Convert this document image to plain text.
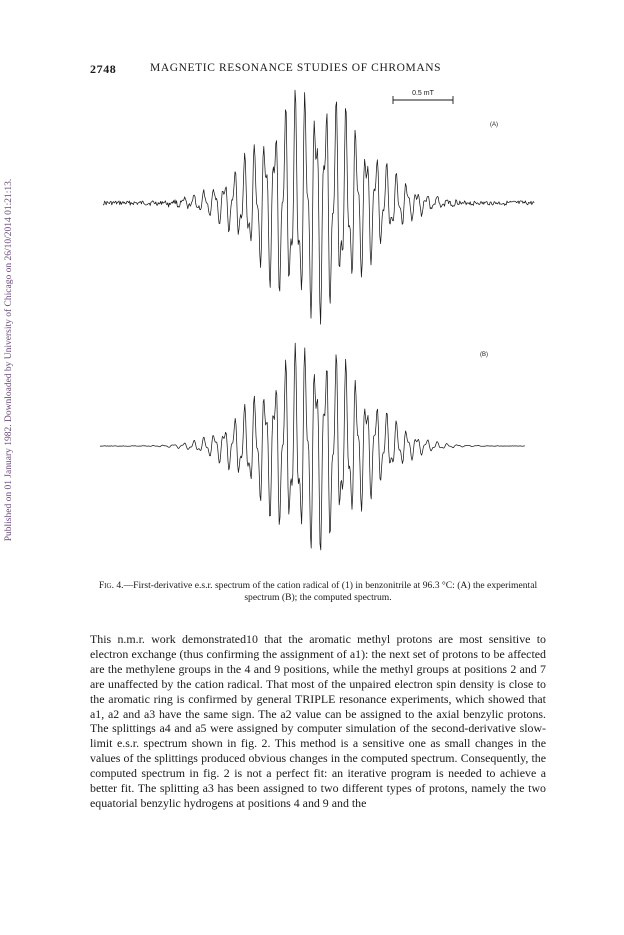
Published on 01 January 1982. Downloaded by University of Chicago on 26/10/2014 01:21:13.
2748	MAGNETIC RESONANCE STUDIES OF CHROMANS
0.5 mT
(A)
(B)
Fig. 4.—First-derivative e.s.r. spectrum of the cation radical of (1) in benzonitrile at 96.3 °C: (A) the experimental spectrum (B); the computed spectrum.

This n.m.r. work demonstrated10 that the aromatic methyl protons are most sensitive to electron exchange (thus confirming the assignment of a1): the next set of protons to be affected are the methylene groups in the 4 and 9 positions, while the methyl groups at positions 2 and 7 are unaffected by the cation radical. That most of the unpaired electron spin density is close to the aromatic ring is confirmed by general TRIPLE resonance experiments, which showed that a1, a2 and a3 have the same sign. The a2 value can be assigned to the axial benzylic protons. The splittings a4 and a5 were assigned by computer simulation of the second-derivative slow-limit e.s.r. spectrum shown in fig. 2. This method is a sensitive one as small changes in the values of the splittings produced obvious changes in the computed spectrum. Consequently, the computed spectrum in fig. 2 is not a perfect fit: an iterative program is needed to achieve a better fit. The splitting a3 has been assigned to two different types of protons, namely the two equatorial benzylic hydrogens at positions 4 and 9 and the
